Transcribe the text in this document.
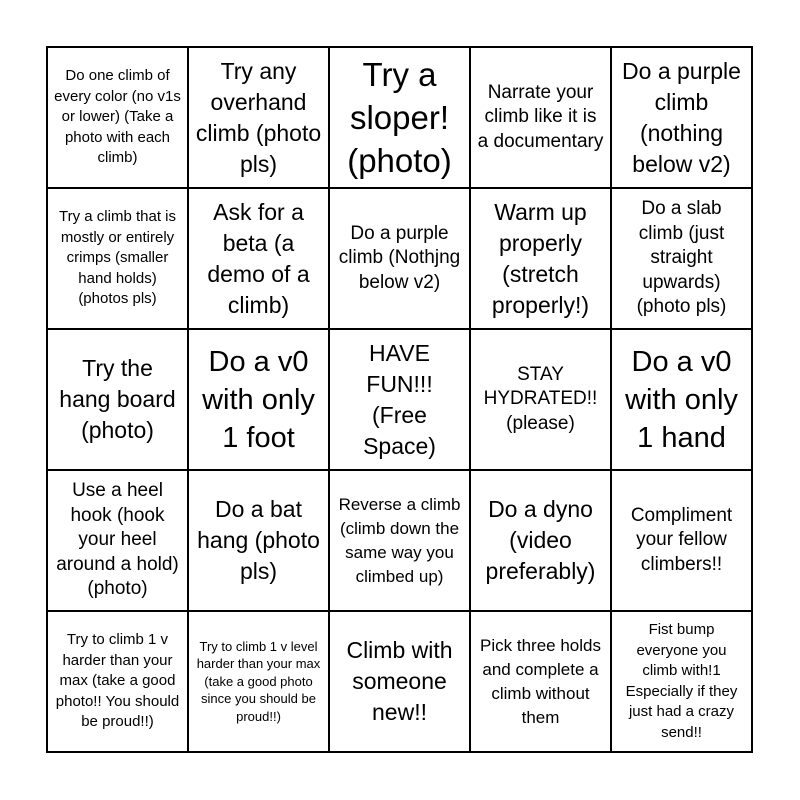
Do one climb of every color (no v1s or lower) (Take a photo with each climb)
Try any overhand climb (photo pls)
Try a sloper! (photo)
Narrate your climb like it is a documentary
Do a purple climb (nothing below v2)
Try a climb that is mostly or entirely crimps (smaller hand holds) (photos pls)
Ask for a beta (a demo of a climb)
Do a purple climb (Nothjng below v2)
Warm up properly (stretch properly!)
Do a slab climb (just straight upwards) (photo pls)
Try the hang board (photo)
Do a v0 with only 1 foot
HAVE FUN!!! (Free Space)
STAY HYDRATED!! (please)
Do a v0 with only 1 hand
Use a heel hook (hook your heel around a hold) (photo)
Do a bat hang (photo pls)
Reverse a climb (climb down the same way you climbed up)
Do a dyno (video preferably)
Compliment your fellow climbers!!
Try to climb 1 v harder than your max (take a good photo!! You should be proud!!)
Try to climb 1 v level harder than your max (take a good photo since you should be proud!!)
Climb with someone new!!
Pick three holds and complete a climb without them
Fist bump everyone you climb with!1 Especially if they just had a crazy send!!
